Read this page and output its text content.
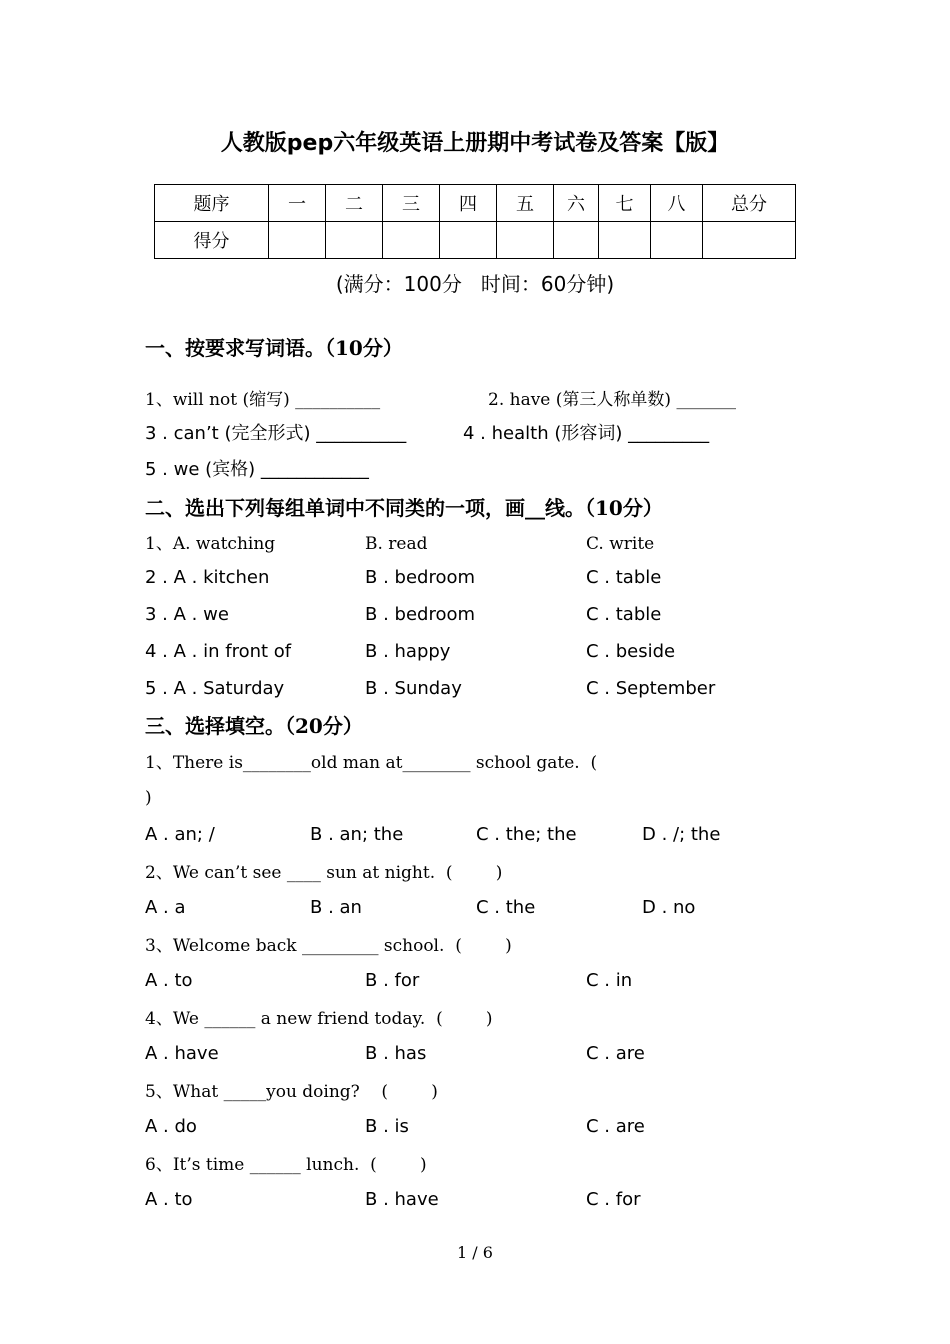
人教版pep六年级英语上册期中考试卷及答案【版】
题序	一	二	三	四	五	六	七	八	总分
得分									
(满分：100分   时间：60分钟)
一、按要求写词语。（10分）
1、will not (缩写) __________	2. have (第三人称单数) _______
3 . can’t (完全形式) __________	4 . health (形容词) _________
5 . we (宾格) ____________
二、选出下列每组单词中不同类的一项，画__线。（10分）
1、A. watching	B. read	C. write
2 . A . kitchen	B . bedroom	C . table
3 . A . we	B . bedroom	C . table
4 . A . in front of	B . happy	C . beside
5 . A . Saturday	B . Sunday	C . September
三、选择填空。（20分）
1、There is________old man at________ school gate.  (
)
A . an; /	B . an; the	C . the; the	D . /; the
2、We can’t see ____ sun at night.  (        )
A . a	B . an	C . the	D . no
3、Welcome back _________ school.  (        )
A . to	B . for	C . in
4、We ______ a new friend today.  (        )
A . have	B . has	C . are
5、What _____you doing?    (        )
A . do	B . is	C . are
6、It’s time ______ lunch.  (        )
A . to	B . have	C . for
1 / 6
